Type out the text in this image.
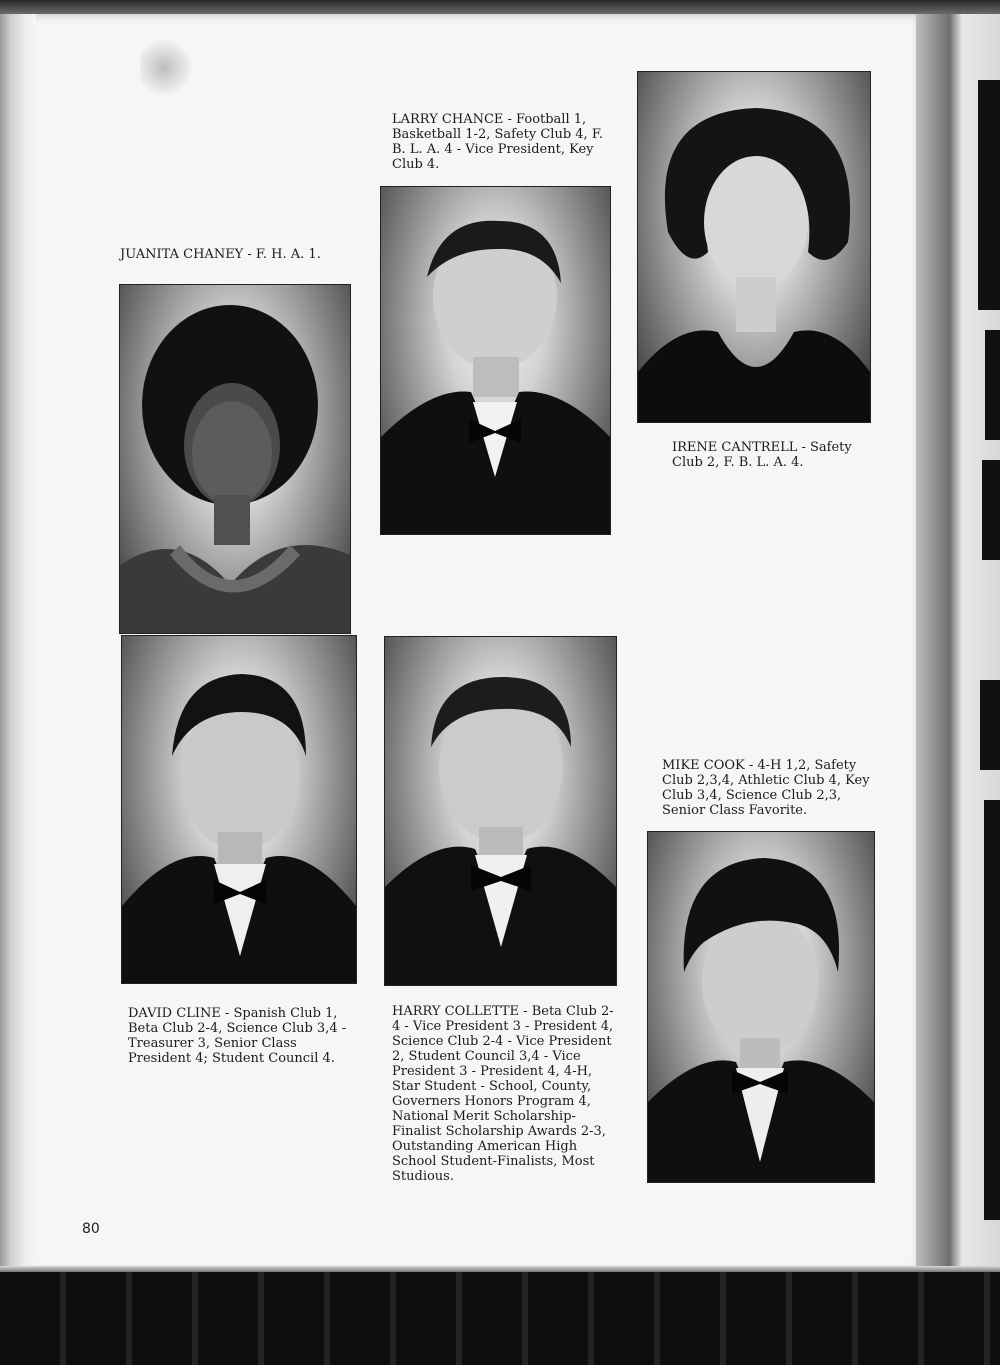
JUANITA CHANEY - F. H. A. 1.

LARRY CHANCE - Football 1, Basketball 1-2, Safety Club 4, F. B. L. A. 4 - Vice President, Key Club 4.

IRENE CANTRELL - Safety Club 2, F. B. L. A. 4.

DAVID CLINE - Spanish Club 1, Beta Club 2-4, Science Club 3,4 - Treasurer 3, Senior Class President 4; Student Council 4.

HARRY COLLETTE - Beta Club 2-4 - Vice President 3 - President 4, Science Club 2-4 - Vice President 2, Student Council 3,4 - Vice President 3 - President 4, 4-H, Star Student - School, County, Governers Honors Program 4, National Merit Scholarship-Finalist Scholarship Awards 2-3, Outstanding American High School Student-Finalists, Most Studious.

MIKE COOK - 4-H 1,2, Safety Club 2,3,4, Athletic Club 4, Key Club 3,4, Science Club 2,3, Senior Class Favorite.

80
